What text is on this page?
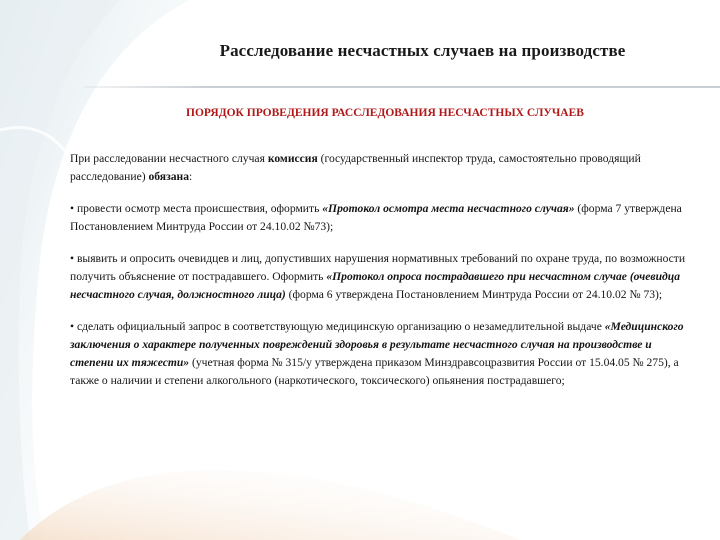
Расследование несчастных случаев на производстве
ПОРЯДОК ПРОВЕДЕНИЯ РАССЛЕДОВАНИЯ НЕСЧАСТНЫХ СЛУЧАЕВ

При расследовании несчастного случая комиссия (государственный инспектор труда, самостоятельно проводящий расследование) обязана:

• провести осмотр места происшествия, оформить «Протокол осмотра места несчастного случая» (форма 7 утверждена Постановлением Минтруда России от 24.10.02 №73);

• выявить и опросить очевидцев и лиц, допустивших нарушения нормативных требований по охране труда, по возможности получить объяснение от пострадавшего. Оформить «Протокол опроса пострадавшего при несчастном случае (очевидца несчастного случая, должностного лица) (форма 6 утверждена Постановлением Минтруда России от 24.10.02 № 73);

• сделать официальный запрос в соответствующую медицинскую организацию о незамедлительной выдаче «Медицинского заключения о характере полученных повреждений здоровья в результате несчастного случая на производстве и степени их тяжести» (учетная форма № 315/у утверждена приказом Минздравсоцразвития России от 15.04.05 № 275), а также о наличии и степени алкогольного (наркотического, токсического) опьянения пострадавшего;
